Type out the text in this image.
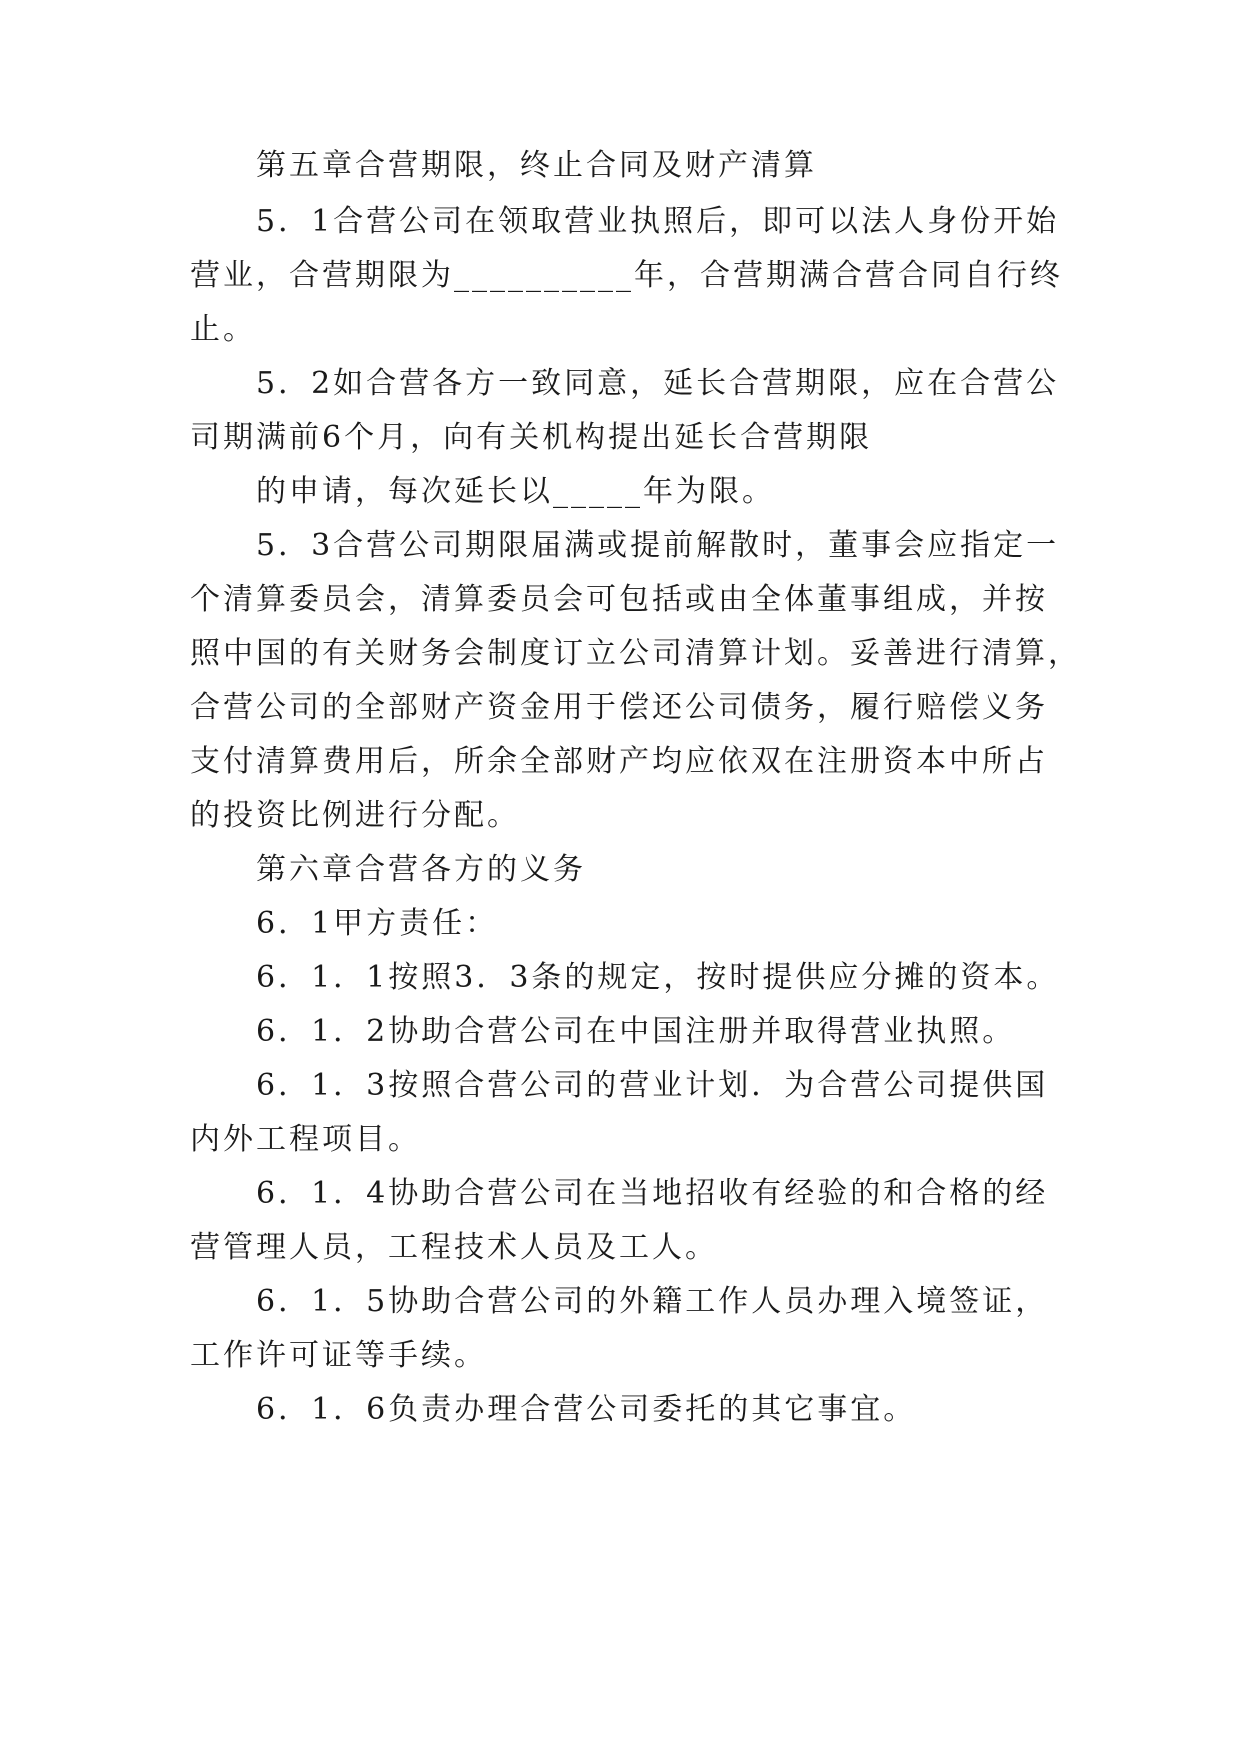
第五章合营期限，终止合同及财产清算
5．1合营公司在领取营业执照后，即可以法人身份开始
营业，合营期限为__________年，合营期满合营合同自行终
止。
5．2如合营各方一致同意，延长合营期限，应在合营公
司期满前6个月，向有关机构提出延长合营期限
的申请，每次延长以_____年为限。
5．3合营公司期限届满或提前解散时，董事会应指定一
个清算委员会，清算委员会可包括或由全体董事组成，并按
照中国的有关财务会制度订立公司清算计划。妥善进行清算，
合营公司的全部财产资金用于偿还公司债务，履行赔偿义务
支付清算费用后，所余全部财产均应依双在注册资本中所占
的投资比例进行分配。
第六章合营各方的义务
6．1甲方责任：
6．1．1按照3．3条的规定，按时提供应分摊的资本。
6．1．2协助合营公司在中国注册并取得营业执照。
6．1．3按照合营公司的营业计划．为合营公司提供国
内外工程项目。
6．1．4协助合营公司在当地招收有经验的和合格的经
营管理人员，工程技术人员及工人。
6．1．5协助合营公司的外籍工作人员办理入境签证，
工作许可证等手续。
6．1．6负责办理合营公司委托的其它事宜。
